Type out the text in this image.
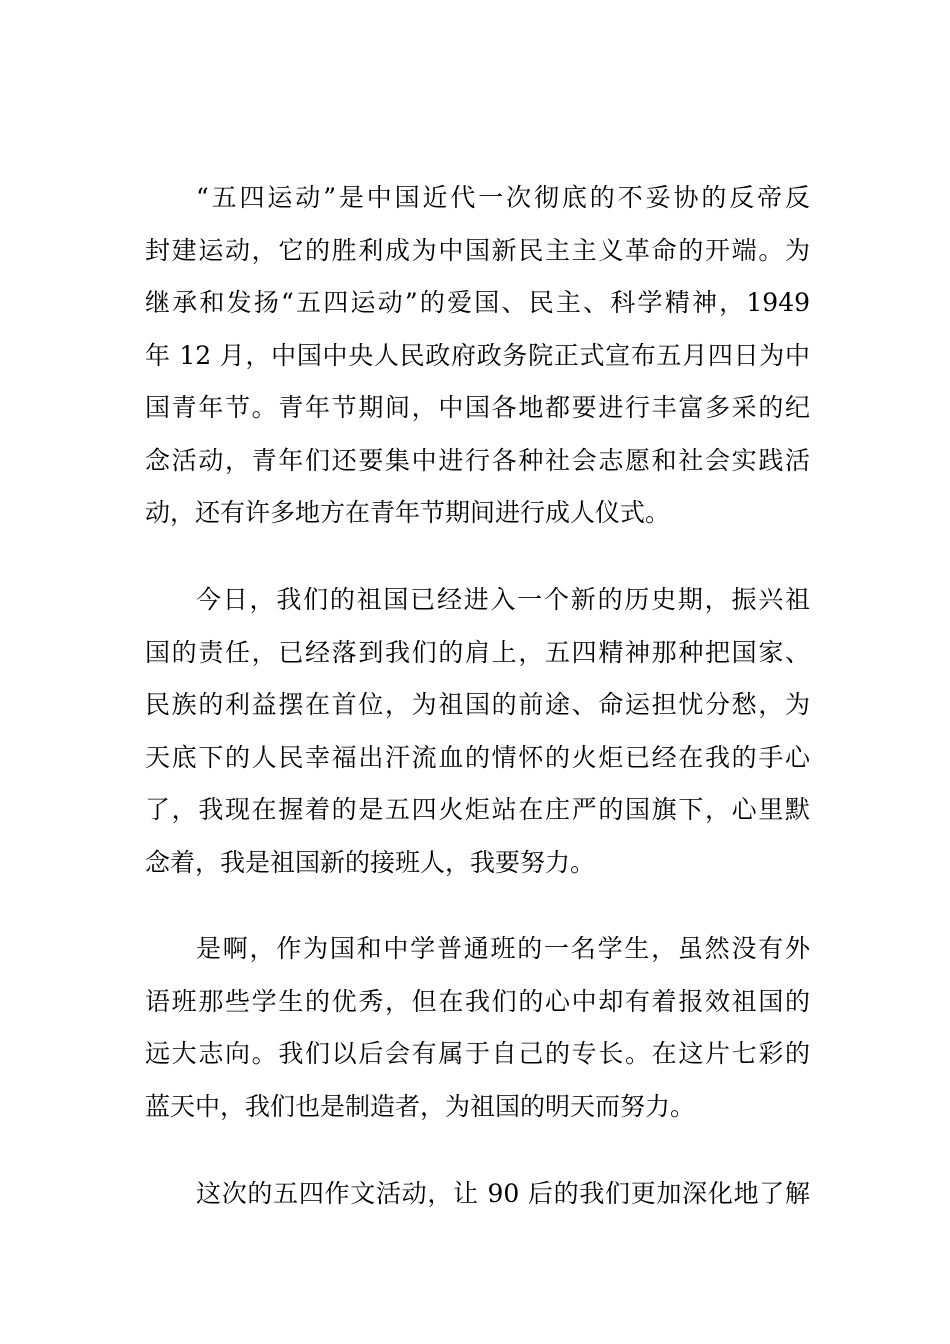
“五四运动”是中国近代一次彻底的不妥协的反帝反
封建运动，它的胜利成为中国新民主主义革命的开端。为
继承和发扬“五四运动”的爱国、民主、科学精神，1949
年 12 月，中国中央人民政府政务院正式宣布五月四日为中
国青年节。青年节期间，中国各地都要进行丰富多采的纪
念活动，青年们还要集中进行各种社会志愿和社会实践活
动，还有许多地方在青年节期间进行成人仪式。
今日，我们的祖国已经进入一个新的历史期，振兴祖
国的责任，已经落到我们的肩上，五四精神那种把国家、
民族的利益摆在首位，为祖国的前途、命运担忧分愁，为
天底下的人民幸福出汗流血的情怀的火炬已经在我的手心
了，我现在握着的是五四火炬站在庄严的国旗下，心里默
念着，我是祖国新的接班人，我要努力。
是啊，作为国和中学普通班的一名学生，虽然没有外
语班那些学生的优秀，但在我们的心中却有着报效祖国的
远大志向。我们以后会有属于自己的专长。在这片七彩的
蓝天中，我们也是制造者，为祖国的明天而努力。
这次的五四作文活动，让 90 后的我们更加深化地了解
